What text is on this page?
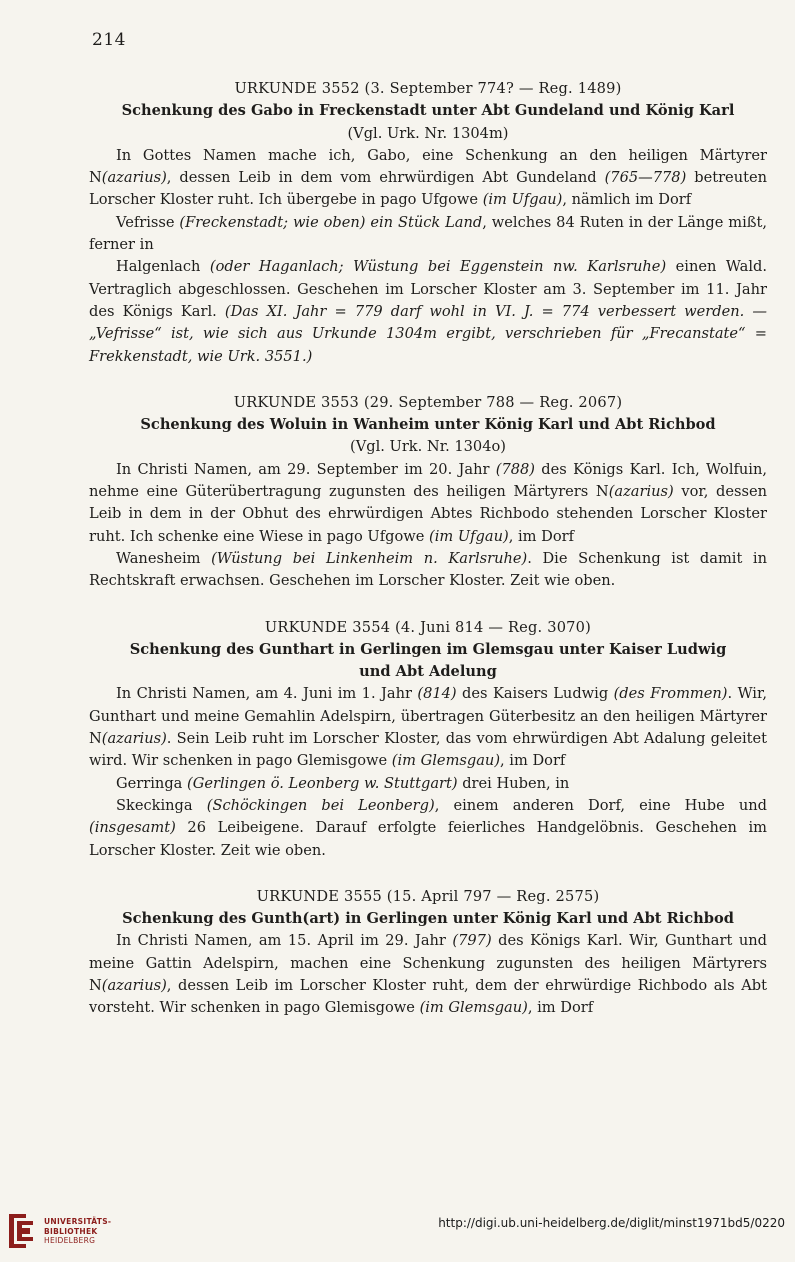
214
URKUNDE 3552 (3. September 774? — Reg. 1489)
Schenkung des Gabo in Freckenstadt unter Abt Gundeland und König Karl
(Vgl. Urk. Nr. 1304m)

In Gottes Namen mache ich, Gabo, eine Schenkung an den heiligen Märtyrer N(azarius), dessen Leib in dem vom ehrwürdigen Abt Gundeland (765—778) betreuten Lorscher Kloster ruht. Ich übergebe in pago Ufgowe (im Ufgau), nämlich im Dorf

Vefrisse (Freckenstadt; wie oben) ein Stück Land, welches 84 Ruten in der Länge mißt, ferner in

Halgenlach (oder Haganlach; Wüstung bei Eggenstein nw. Karlsruhe) einen Wald. Vertraglich abgeschlossen. Geschehen im Lorscher Kloster am 3. September im 11. Jahr des Königs Karl. (Das XI. Jahr = 779 darf wohl in VI. J. = 774 verbessert werden. — „Vefrisse“ ist, wie sich aus Urkunde 1304m ergibt, verschrieben für „Frecanstate“ = Frekkenstadt, wie Urk. 3551.)

URKUNDE 3553 (29. September 788 — Reg. 2067)
Schenkung des Woluin in Wanheim unter König Karl und Abt Richbod
(Vgl. Urk. Nr. 1304o)

In Christi Namen, am 29. September im 20. Jahr (788) des Königs Karl. Ich, Wolfuin, nehme eine Güterübertragung zugunsten des heiligen Märtyrers N(azarius) vor, dessen Leib in dem in der Obhut des ehrwürdigen Abtes Richbodo stehenden Lorscher Kloster ruht. Ich schenke eine Wiese in pago Ufgowe (im Ufgau), im Dorf

Wanesheim (Wüstung bei Linkenheim n. Karlsruhe). Die Schenkung ist damit in Rechtskraft erwachsen. Geschehen im Lorscher Kloster. Zeit wie oben.

URKUNDE 3554 (4. Juni 814 — Reg. 3070)
Schenkung des Gunthart in Gerlingen im Glemsgau unter Kaiser Ludwig
und Abt Adelung

In Christi Namen, am 4. Juni im 1. Jahr (814) des Kaisers Ludwig (des Frommen). Wir, Gunthart und meine Gemahlin Adelspirn, übertragen Güterbesitz an den heiligen Märtyrer N(azarius). Sein Leib ruht im Lorscher Kloster, das vom ehrwürdigen Abt Adalung geleitet wird. Wir schenken in pago Glemisgowe (im Glemsgau), im Dorf

Gerringa (Gerlingen ö. Leonberg w. Stuttgart) drei Huben, in

Skeckinga (Schöckingen bei Leonberg), einem anderen Dorf, eine Hube und (insgesamt) 26 Leibeigene. Darauf erfolgte feierliches Handgelöbnis. Geschehen im Lorscher Kloster. Zeit wie oben.

URKUNDE 3555 (15. April 797 — Reg. 2575)
Schenkung des Gunth(art) in Gerlingen unter König Karl und Abt Richbod

In Christi Namen, am 15. April im 29. Jahr (797) des Königs Karl. Wir, Gunthart und meine Gattin Adelspirn, machen eine Schenkung zugunsten des heiligen Märtyrers N(azarius), dessen Leib im Lorscher Kloster ruht, dem der ehrwürdige Richbodo als Abt vorsteht. Wir schenken in pago Glemisgowe (im Glemsgau), im Dorf

UNIVERSITÄTS-
BIBLIOTHEK
HEIDELBERG
http://digi.ub.uni-heidelberg.de/diglit/minst1971bd5/0220
